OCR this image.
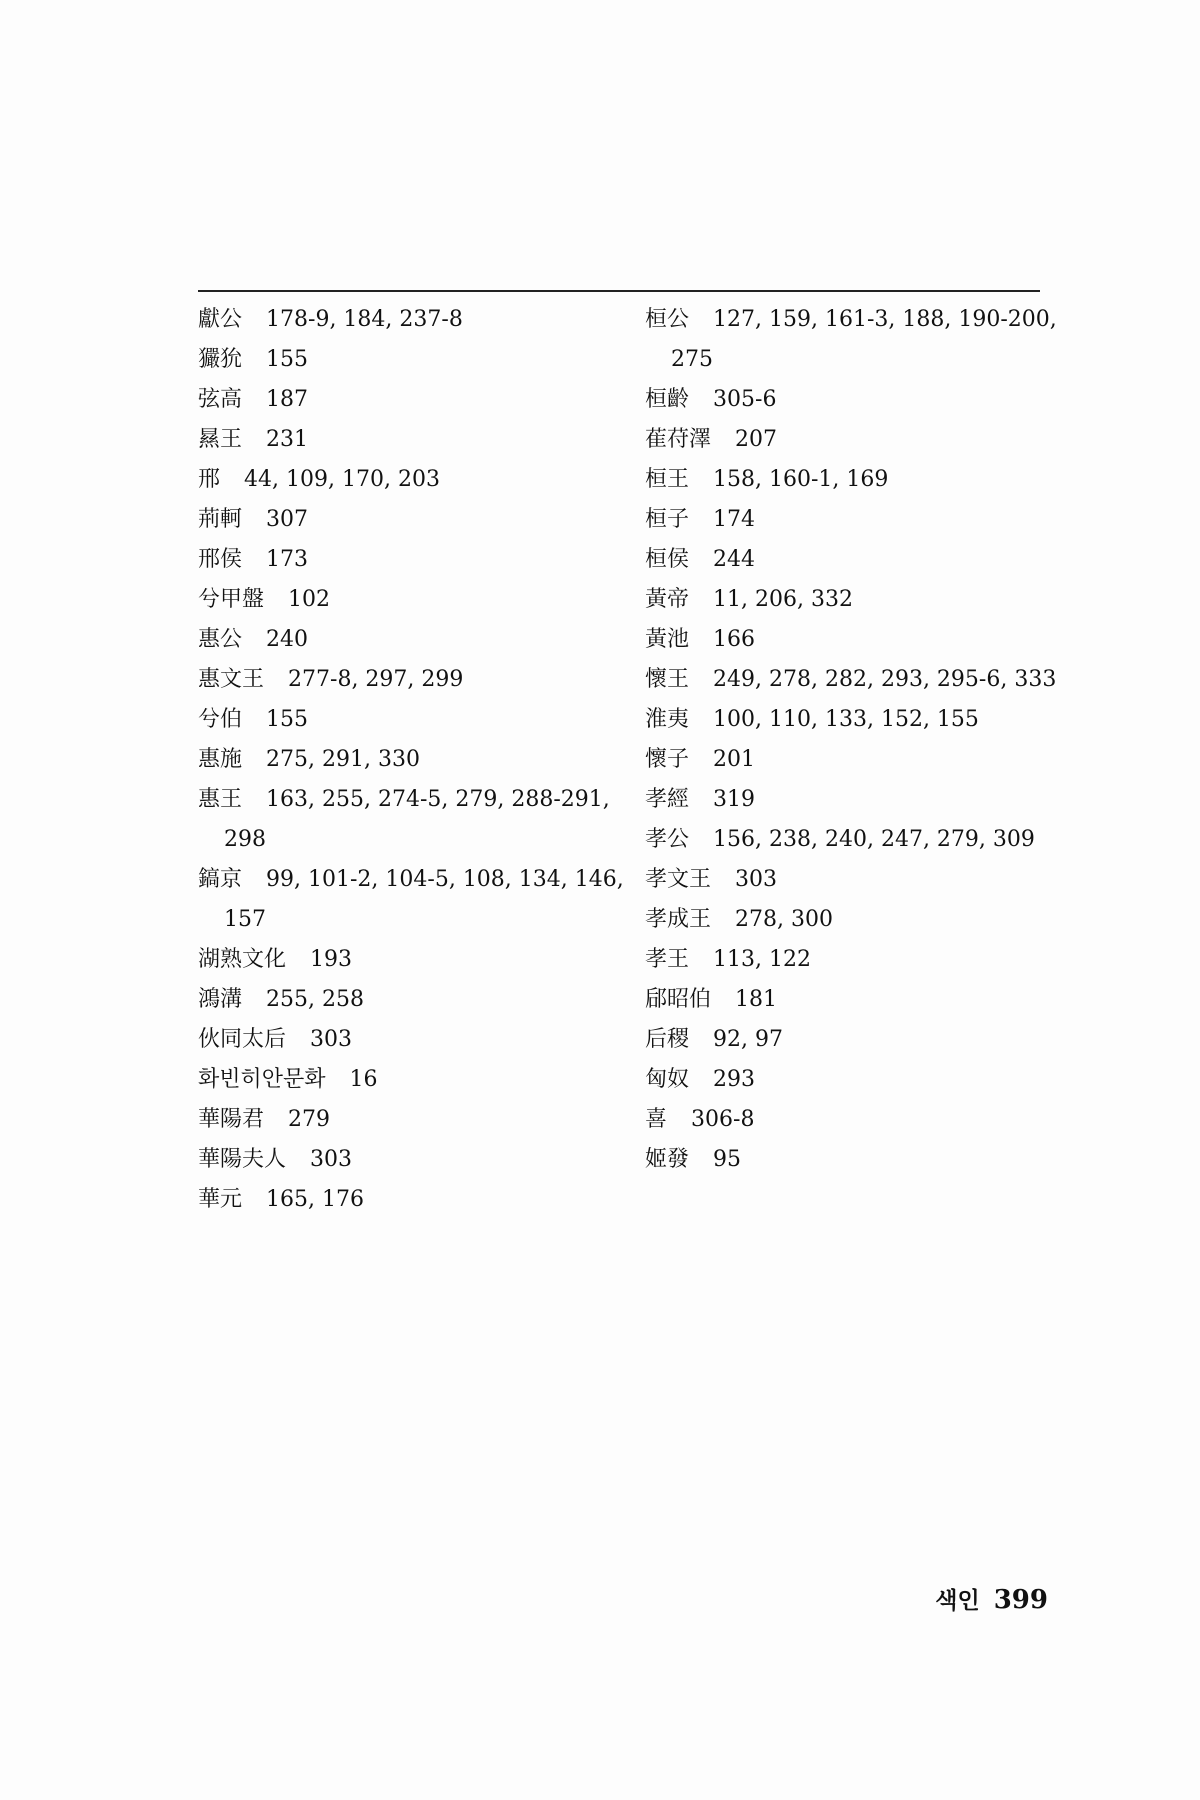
獻公 178-9, 184, 237-8
玁狁 155
弦高 187
㬎王 231
邢 44, 109, 170, 203
荊軻 307
邢侯 173
兮甲盤 102
惠公 240
惠文王 277-8, 297, 299
兮伯 155
惠施 275, 291, 330
惠王 163, 255, 274-5, 279, 288-291,
298
鎬京 99, 101-2, 104-5, 108, 134, 146,
157
湖熟文化 193
鴻溝 255, 258
伙同太后 303
화빈히안문화 16
華陽君 279
華陽夫人 303
華元 165, 176
桓公 127, 159, 161-3, 188, 190-200,
275
桓齡 305-6
萑苻澤 207
桓王 158, 160-1, 169
桓子 174
桓侯 244
黃帝 11, 206, 332
黃池 166
懷王 249, 278, 282, 293, 295-6, 333
淮夷 100, 110, 133, 152, 155
懷子 201
孝經 319
孝公 156, 238, 240, 247, 279, 309
孝文王 303
孝成王 278, 300
孝王 113, 122
郈昭伯 181
后稷 92, 97
匈奴 293
喜 306-8
姬發 95
색인 399
